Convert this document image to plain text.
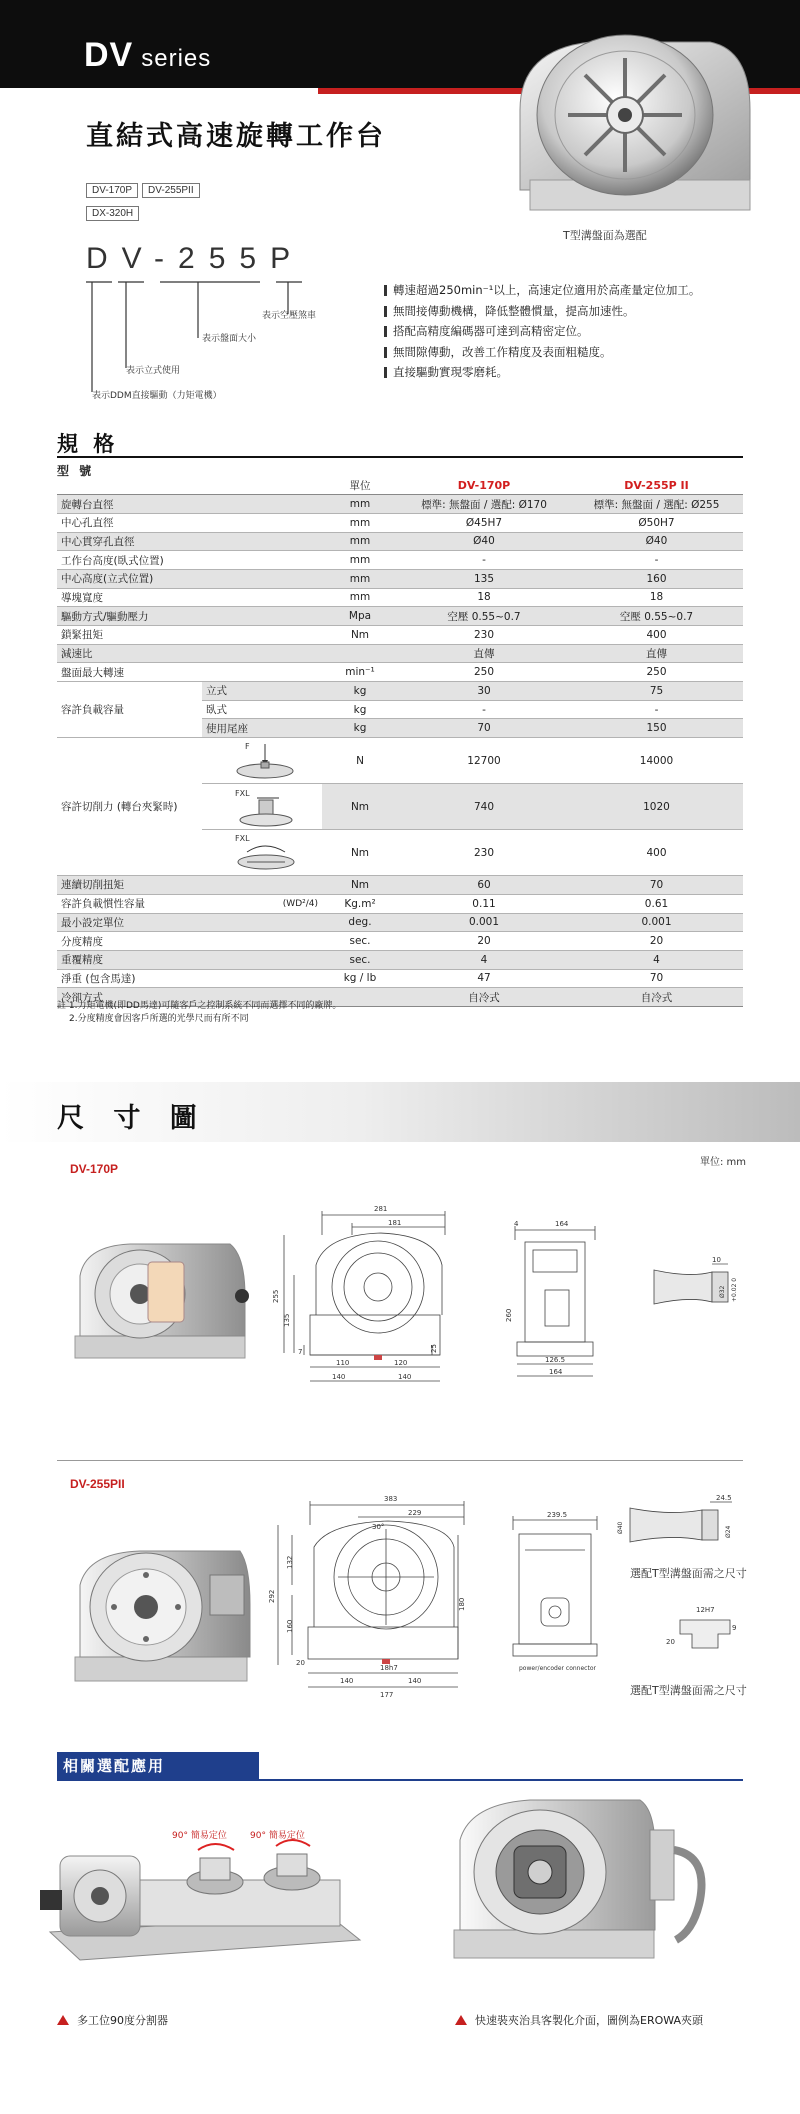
DV series
直結式高速旋轉工作台
T型溝盤面為選配
DV-170P DV-255PII
DX-320H
DV-255P
表示空壓煞車
表示盤面大小
表示立式使用
表示DDM直接驅動（力矩電機）
轉速超過250min⁻¹以上，高速定位適用於高產量定位加工。
無間接傳動機構，降低整體慣量，提高加速性。
搭配高精度編碼器可達到高精密定位。
無間隙傳動，改善工作精度及表面粗糙度。
直接驅動實現零磨耗。
規 格
型 號
		單位	DV-170P	DV-255P II
旋轉台直徑		mm	標準: 無盤面 / 選配: Ø170	標準: 無盤面 / 選配: Ø255
中心孔直徑		mm	Ø45H7	Ø50H7
中心貫穿孔直徑		mm	Ø40	Ø40
工作台高度(臥式位置)		mm	-	-
中心高度(立式位置)		mm	135	160
導塊寬度		mm	18	18
驅動方式/驅動壓力		Mpa	空壓 0.55~0.7	空壓 0.55~0.7
鎖緊扭矩		Nm	230	400
減速比			直傳	直傳
盤面最大轉速		min⁻¹	250	250
容許負載容量	立式	kg	30	75
	臥式	kg	-	-
	使用尾座	kg	70	150
容許切削力 (轉台夾緊時)	F	N	12700	14000

FXL	Nm	740	1020

FXL	Nm	230	400
連續切削扭矩		Nm	60	70
容許負載慣性容量	(WD²/4)	Kg.m²	0.11	0.61
最小設定單位		deg.	0.001	0.001
分度精度		sec.	20	20
重覆精度		sec.	4	4
淨重 (包含馬達)		kg / lb	47	70
冷卻方式			自冷式	自冷式
註 1.力矩電機(即DD馬達)可隨客戶之控制系統不同而選擇不同的廠牌。
2.分度精度會因客戶所選的光學尺而有所不同
尺 寸 圖
單位: mm
DV-170P
281
181
255
135
7	25
110	120
140	140
4	164
260
126.5
164
10
+0.02 0
Ø32
DV-255PII
383
229
30°
132
292
160
20
180
18h7
140	140
177
239.5
power/encoder connector
24.5
Ø40	Ø24
選配T型溝盤面需之尺寸
12H7
20
9
選配T型溝盤面需之尺寸
相關選配應用
90° 簡易定位	90° 簡易定位
多工位90度分割器	快速裝夾治具客製化介面，圖例為EROWA夾頭
